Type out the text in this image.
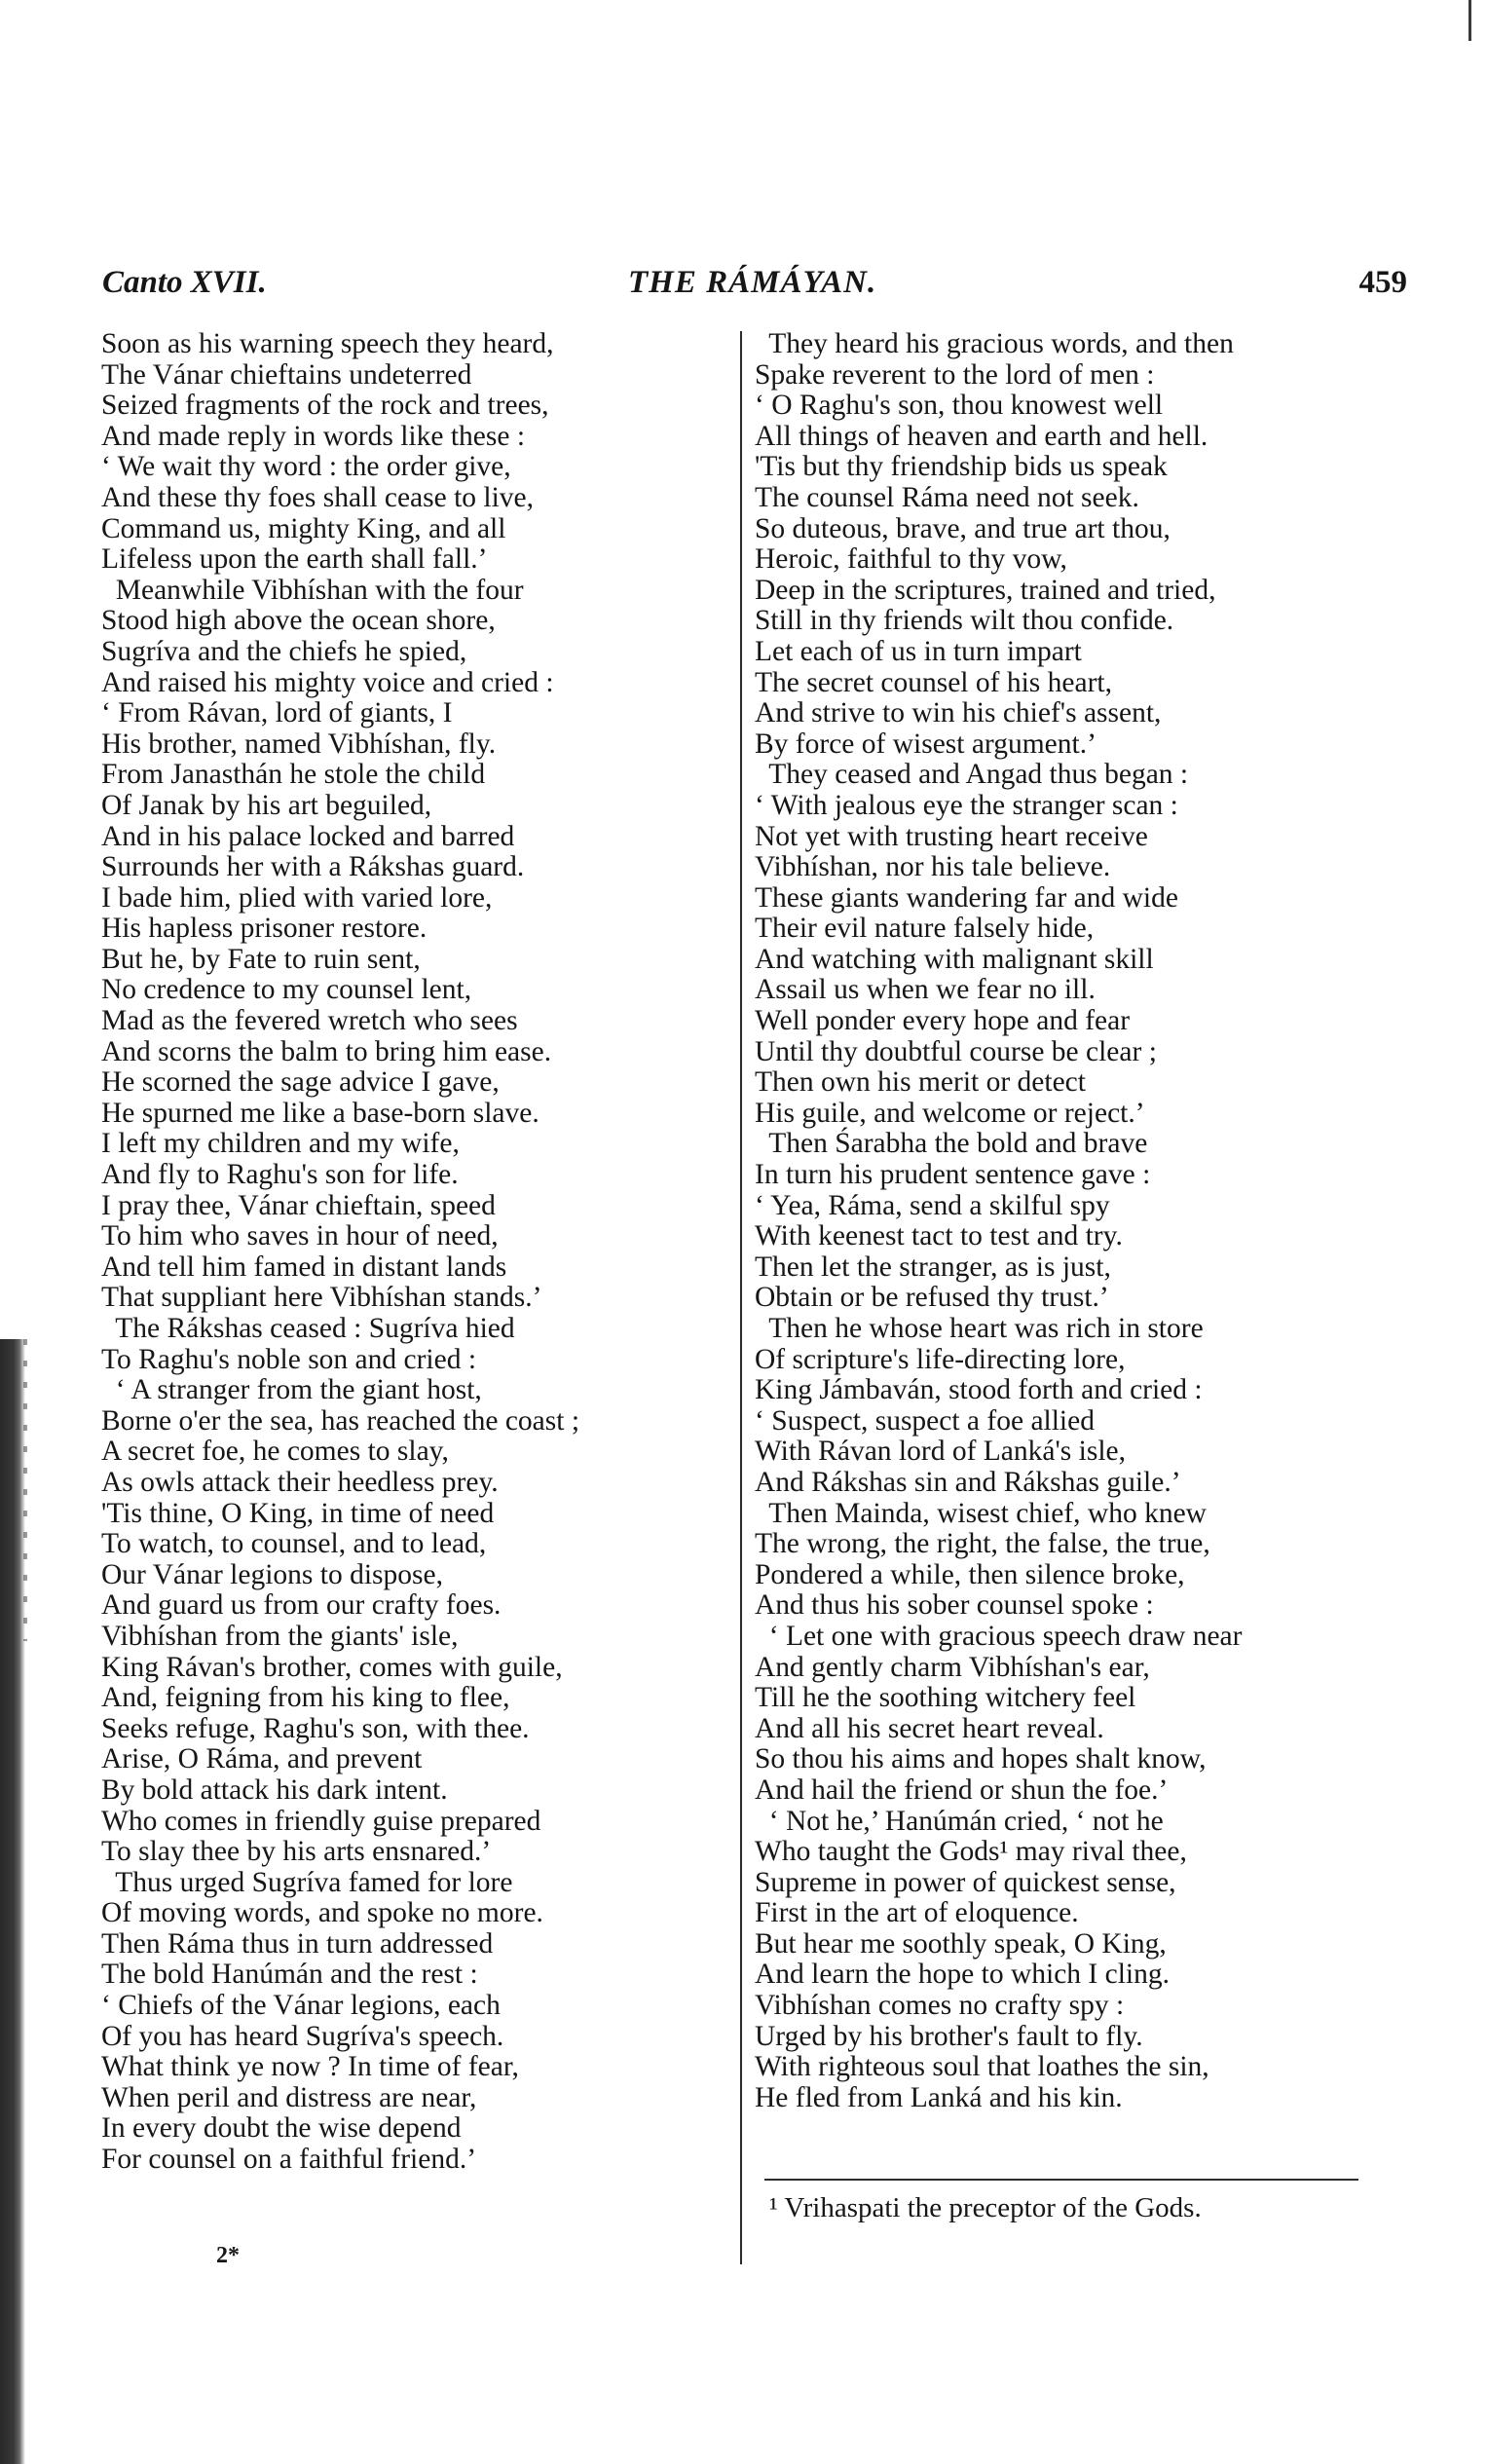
Canto XVII.	THE RÁMÁYAN.	459
Soon as his warning speech they heard,
The Vánar chieftains undeterred
Seized fragments of the rock and trees,
And made reply in words like these :
‘ We wait thy word : the order give,
And these thy foes shall cease to live,
Command us, mighty King, and all
Lifeless upon the earth shall fall.’
Meanwhile Vibhíshan with the four
Stood high above the ocean shore,
Sugríva and the chiefs he spied,
And raised his mighty voice and cried :
‘ From Rávan, lord of giants, I
His brother, named Vibhíshan, fly.
From Janasthán he stole the child
Of Janak by his art beguiled,
And in his palace locked and barred
Surrounds her with a Rákshas guard.
I bade him, plied with varied lore,
His hapless prisoner restore.
But he, by Fate to ruin sent,
No credence to my counsel lent,
Mad as the fevered wretch who sees
And scorns the balm to bring him ease.
He scorned the sage advice I gave,
He spurned me like a base-born slave.
I left my children and my wife,
And fly to Raghu's son for life.
I pray thee, Vánar chieftain, speed
To him who saves in hour of need,
And tell him famed in distant lands
That suppliant here Vibhíshan stands.’
The Rákshas ceased : Sugríva hied
To Raghu's noble son and cried :
‘ A stranger from the giant host,
Borne o'er the sea, has reached the coast ;
A secret foe, he comes to slay,
As owls attack their heedless prey.
'Tis thine, O King, in time of need
To watch, to counsel, and to lead,
Our Vánar legions to dispose,
And guard us from our crafty foes.
Vibhíshan from the giants' isle,
King Rávan's brother, comes with guile,
And, feigning from his king to flee,
Seeks refuge, Raghu's son, with thee.
Arise, O Ráma, and prevent
By bold attack his dark intent.
Who comes in friendly guise prepared
To slay thee by his arts ensnared.’
Thus urged Sugríva famed for lore
Of moving words, and spoke no more.
Then Ráma thus in turn addressed
The bold Hanúmán and the rest :
‘ Chiefs of the Vánar legions, each
Of you has heard Sugríva's speech.
What think ye now ? In time of fear,
When peril and distress are near,
In every doubt the wise depend
For counsel on a faithful friend.’
They heard his gracious words, and then
Spake reverent to the lord of men :
‘ O Raghu's son, thou knowest well
All things of heaven and earth and hell.
'Tis but thy friendship bids us speak
The counsel Ráma need not seek.
So duteous, brave, and true art thou,
Heroic, faithful to thy vow,
Deep in the scriptures, trained and tried,
Still in thy friends wilt thou confide.
Let each of us in turn impart
The secret counsel of his heart,
And strive to win his chief's assent,
By force of wisest argument.’
They ceased and Angad thus began :
‘ With jealous eye the stranger scan :
Not yet with trusting heart receive
Vibhíshan, nor his tale believe.
These giants wandering far and wide
Their evil nature falsely hide,
And watching with malignant skill
Assail us when we fear no ill.
Well ponder every hope and fear
Until thy doubtful course be clear ;
Then own his merit or detect
His guile, and welcome or reject.’
Then Śarabha the bold and brave
In turn his prudent sentence gave :
‘ Yea, Ráma, send a skilful spy
With keenest tact to test and try.
Then let the stranger, as is just,
Obtain or be refused thy trust.’
Then he whose heart was rich in store
Of scripture's life-directing lore,
King Jámbaván, stood forth and cried :
‘ Suspect, suspect a foe allied
With Rávan lord of Lanká's isle,
And Rákshas sin and Rákshas guile.’
Then Mainda, wisest chief, who knew
The wrong, the right, the false, the true,
Pondered a while, then silence broke,
And thus his sober counsel spoke :
‘ Let one with gracious speech draw near
And gently charm Vibhíshan's ear,
Till he the soothing witchery feel
And all his secret heart reveal.
So thou his aims and hopes shalt know,
And hail the friend or shun the foe.’
‘ Not he,’ Hanúmán cried, ‘ not he
Who taught the Gods¹ may rival thee,
Supreme in power of quickest sense,
First in the art of eloquence.
But hear me soothly speak, O King,
And learn the hope to which I cling.
Vibhíshan comes no crafty spy :
Urged by his brother's fault to fly.
With righteous soul that loathes the sin,
He fled from Lanká and his kin.
¹ Vrihaspati the preceptor of the Gods.
2*
